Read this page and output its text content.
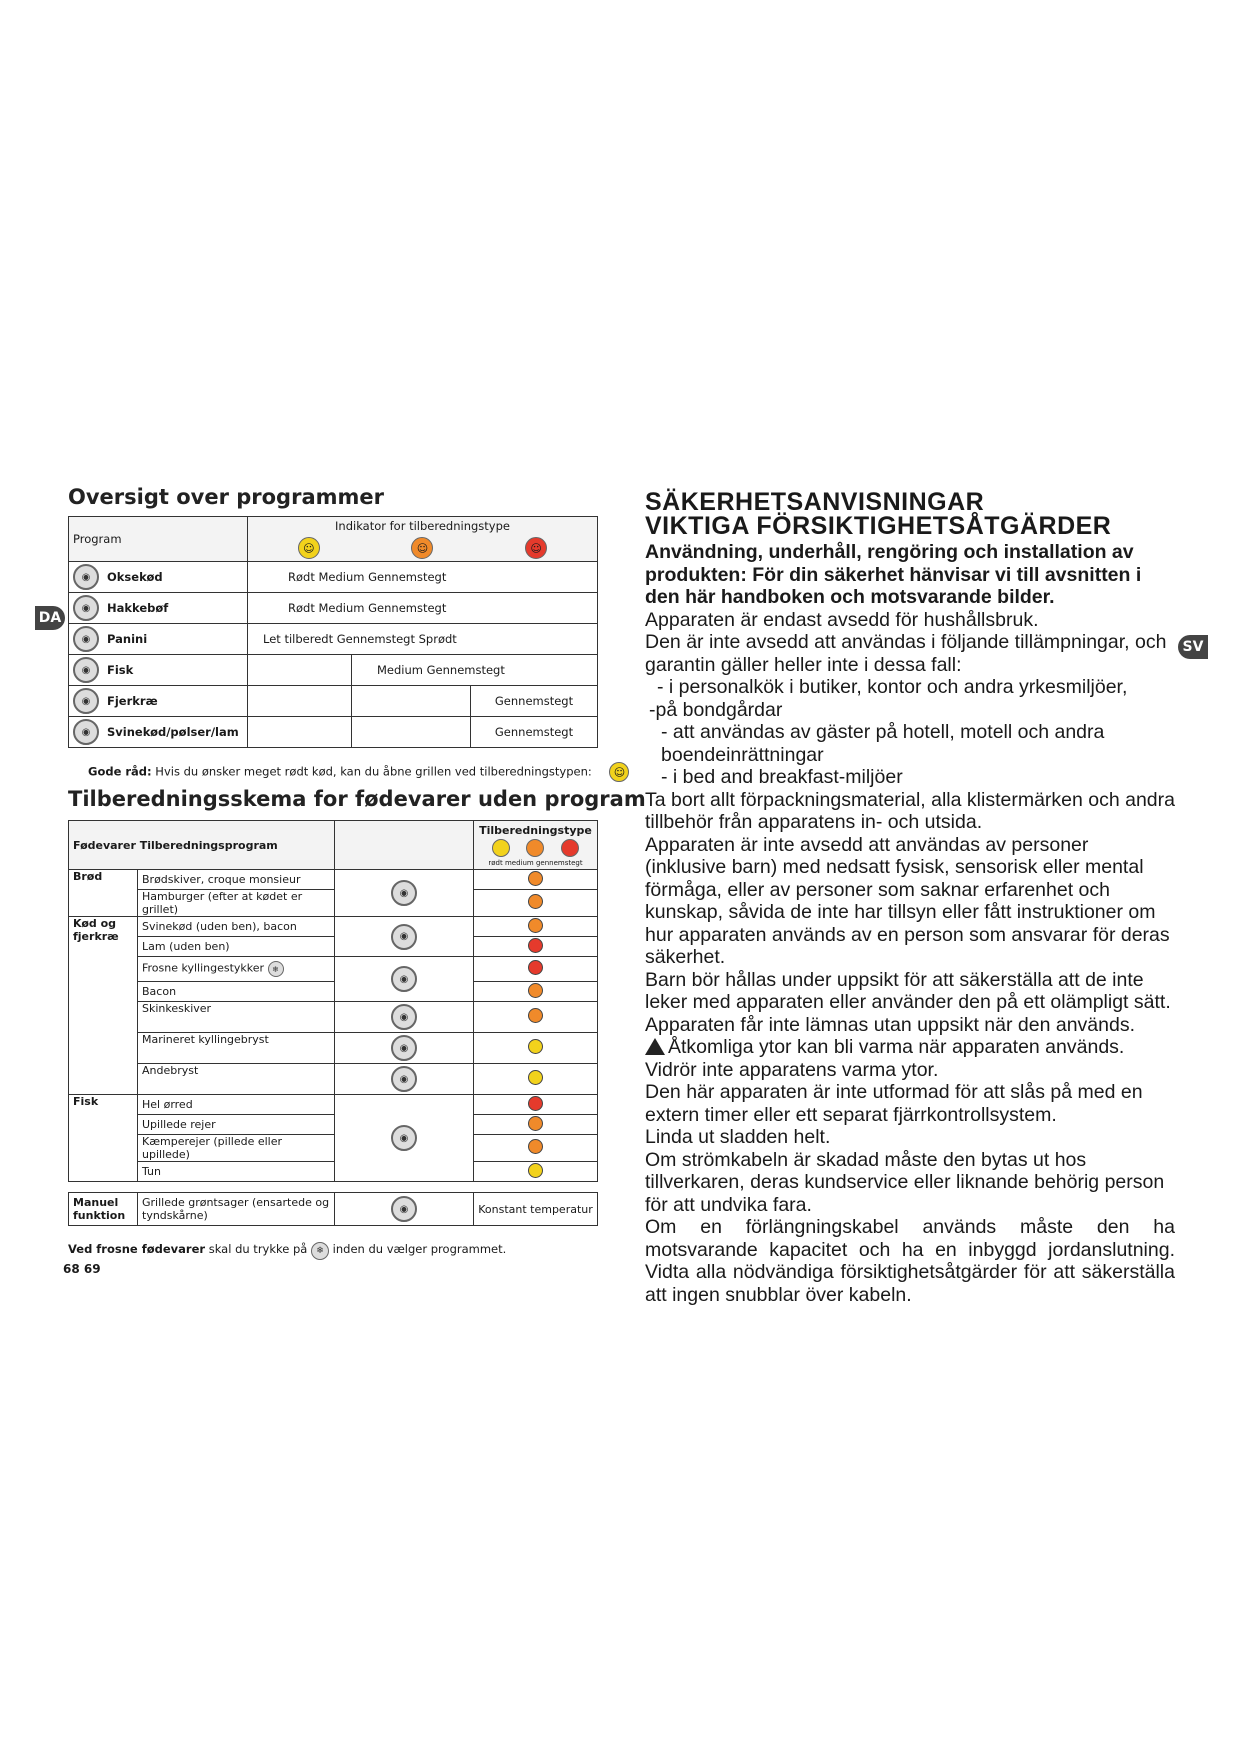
Oversigt over programmer
DA
Program	Indikator for tilberedningstype
☺ ☺ ☺		

◉ Oksekød	Rødt Medium Gennemstegt		

◉ Hakkebøf	Rødt Medium Gennemstegt		

◉ Panini	Let tilberedt Gennemstegt Sprødt		

◉ Fisk		Medium Gennemstegt	

◉ Fjerkræ			Gennemstegt

◉ Svinekød/pølser/lam			Gennemstegt
Gode råd: Hvis du ønsker meget rødt kød, kan du åbne grillen ved tilberedningstypen: ☺
Tilberedningsskema for fødevarer uden program
Fødevarer Tilberedningsprogram			Tilberedningstype
rødt medium gennemstegt

Brød	Brødskiver, croque monsieur	◉	
	Hamburger (efter at kødet er grillet)		
Kød og fjerkræ	Svinekød (uden ben), bacon	◉	
	Lam (uden ben)		
	Frosne kyllingestykker ❄	◉	
	Bacon		
	Skinkeskiver	◉	
	Marineret kyllingebryst	◉	
	Andebryst	◉	
Fisk	Hel ørred	◉	
	Upillede rejer		
	Kæmperejer (pillede eller upillede)		
	Tun		

Manuel funktion	Grillede grøntsager (ensartede og tyndskårne)	◉	Konstant temperatur
Ved frosne fødevarer skal du trykke på ❄ inden du vælger programmet.
68 69
SV
SÄKERHETSANVISNINGAR
VIKTIGA FÖRSIKTIGHETSÅTGÄRDER
Användning, underhåll, rengöring och installation av produkten: För din säkerhet hänvisar vi till avsnitten i den här handboken och motsvarande bilder.
Apparaten är endast avsedd för hushållsbruk.
Den är inte avsedd att användas i följande tillämpningar, och garantin gäller heller inte i dessa fall:
- i personalkök i butiker, kontor och andra yrkesmiljöer,
-på bondgårdar
- att användas av gäster på hotell, motell och andra boendeinrättningar
- i bed and breakfast-miljöer
Ta bort allt förpackningsmaterial, alla klistermärken och andra tillbehör från apparatens in- och utsida.
Apparaten är inte avsedd att användas av personer (inklusive barn) med nedsatt fysisk, sensorisk eller mental förmåga, eller av personer som saknar erfarenhet och kunskap, såvida de inte har tillsyn eller fått instruktioner om hur apparaten används av en person som ansvarar för deras säkerhet.
Barn bör hållas under uppsikt för att säkerställa att de inte leker med apparaten eller använder den på ett olämpligt sätt.
Apparaten får inte lämnas utan uppsikt när den används.
Åtkomliga ytor kan bli varma när apparaten används.
Vidrör inte apparatens varma ytor.
Den här apparaten är inte utformad för att slås på med en extern timer eller ett separat fjärrkontrollsystem.
Linda ut sladden helt.
Om strömkabeln är skadad måste den bytas ut hos tillverkaren, deras kundservice eller liknande behörig person för att undvika fara.
Om en förlängningskabel används måste den ha motsvarande kapacitet och ha en inbyggd jordanslutning. Vidta alla nödvändiga försiktighetsåtgärder för att säkerställa att ingen snubblar över kabeln.
